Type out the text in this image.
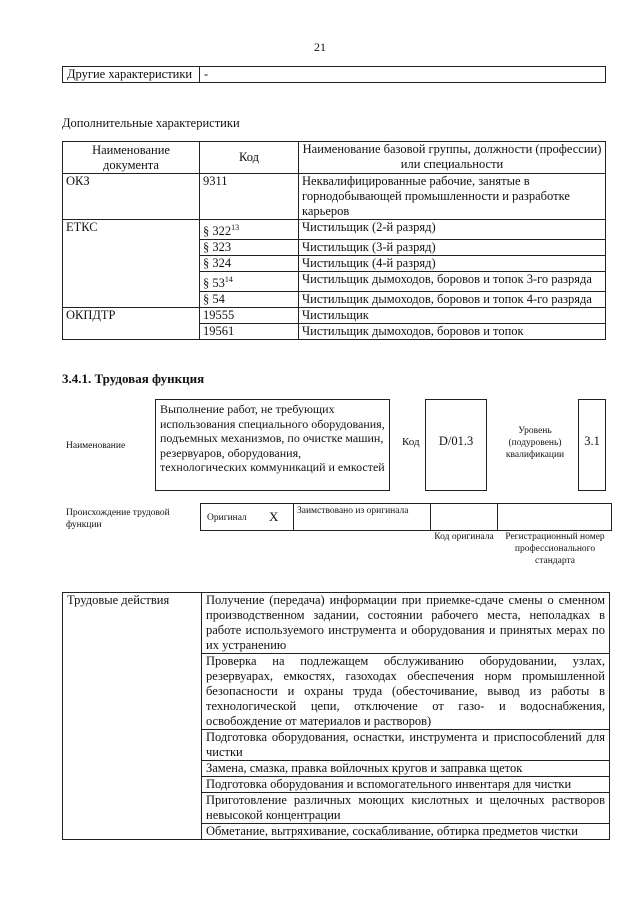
21
Другие характеристики	-
Дополнительные характеристики
Наименование документа	Код	Наименование базовой группы, должности (профессии) или специальности
ОКЗ	9311	Неквалифицированные рабочие, занятые в горнодобывающей промышленности и разработке карьеров
ЕТКС	§ $322^{13}$	Чистильщик (2-й разряд)
	§ 323	Чистильщик (3-й разряд)
	§ 324	Чистильщик (4-й разряд)
	§ $53^{14}$	Чистильщик дымоходов, боровов и топок 3-го разряда
	§ 54	Чистильщик дымоходов, боровов и топок 4-го разряда
ОКПДТР	19555	Чистильщик
	19561	Чистильщик дымоходов, боровов и топок
3.4.1. Трудовая функция
Наименование
Выполнение работ, не требующих использования специального оборудования, подъемных механизмов, по очистке машин, резервуаров, оборудования, технологических коммуникаций и емкостей
Код	D/01.3
Уровень (подуровень) квалификации
3.1
Происхождение трудовой функции
Оригинал X Заимствовано из оригинала
Код оригинала	Регистрационный номер профессионального стандарта
Трудовые действия	Получение (передача) информации при приемке-сдаче смены о сменном производственном задании, состоянии рабочего места, неполадках в работе используемого инструмента и оборудования и принятых мерах по их устранению
Проверка на подлежащем обслуживанию оборудовании, узлах, резервуарах, емкостях, газоходах обеспечения норм промышленной безопасности и охраны труда (обесточивание, вывод из работы в технологической цепи, отключение от газо- и водоснабжения, освобождение от материалов и растворов)
Подготовка оборудования, оснастки, инструмента и приспособлений для чистки
Замена, смазка, правка войлочных кругов и заправка щеток
Подготовка оборудования и вспомогательного инвентаря для чистки
Приготовление различных моющих кислотных и щелочных растворов невысокой концентрации
Обметание, вытряхивание, соскабливание, обтирка предметов чистки
